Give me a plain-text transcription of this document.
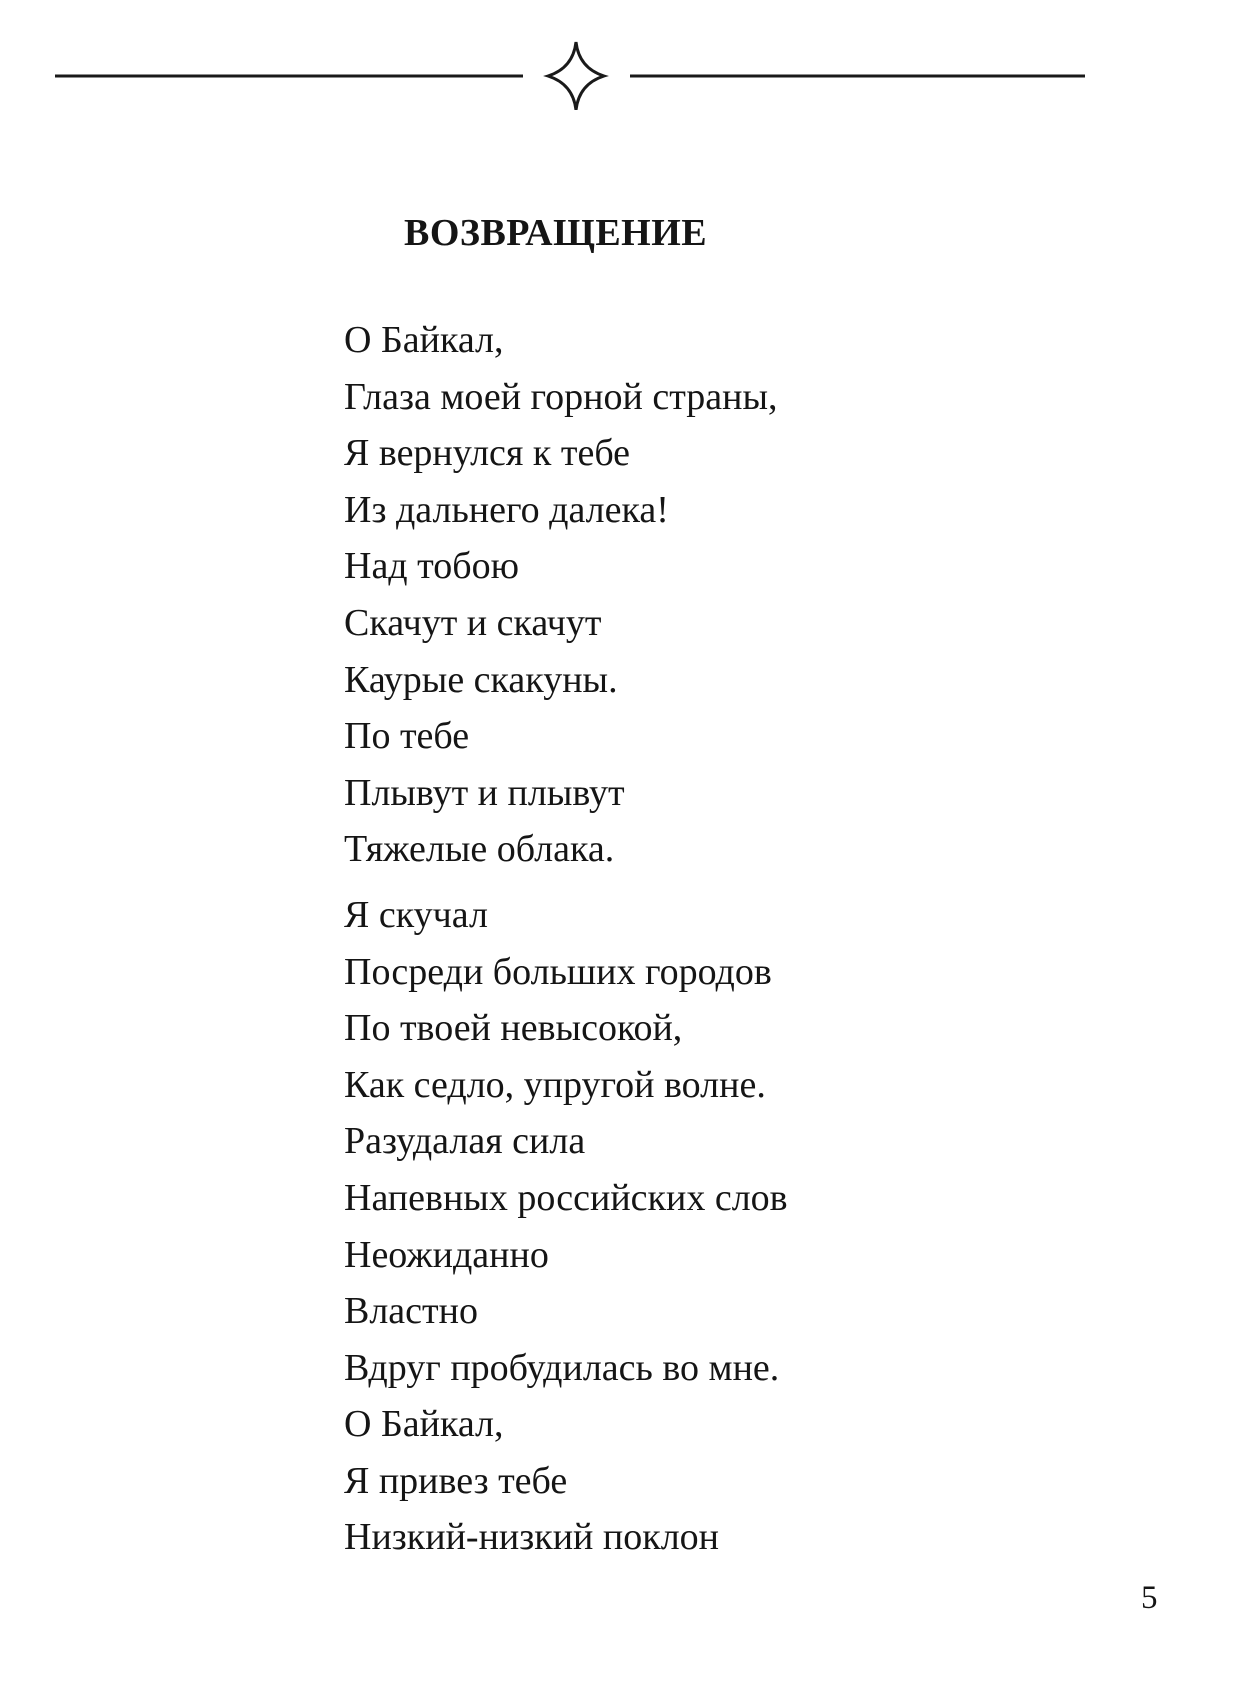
ВОЗВРАЩЕНИЕ
О Байкал,
Глаза моей горной страны,
Я вернулся к тебе
Из дальнего далека!
Над тобою
Скачут и скачут
Каурые скакуны.
По тебе
Плывут и плывут
Тяжелые облака.
Я скучал
Посреди больших городов
По твоей невысокой,
Как седло, упругой волне.
Разудалая сила
Напевных российских слов
Неожиданно
Властно
Вдруг пробудилась во мне.
О Байкал,
Я привез тебе
Низкий-низкий поклон
5
